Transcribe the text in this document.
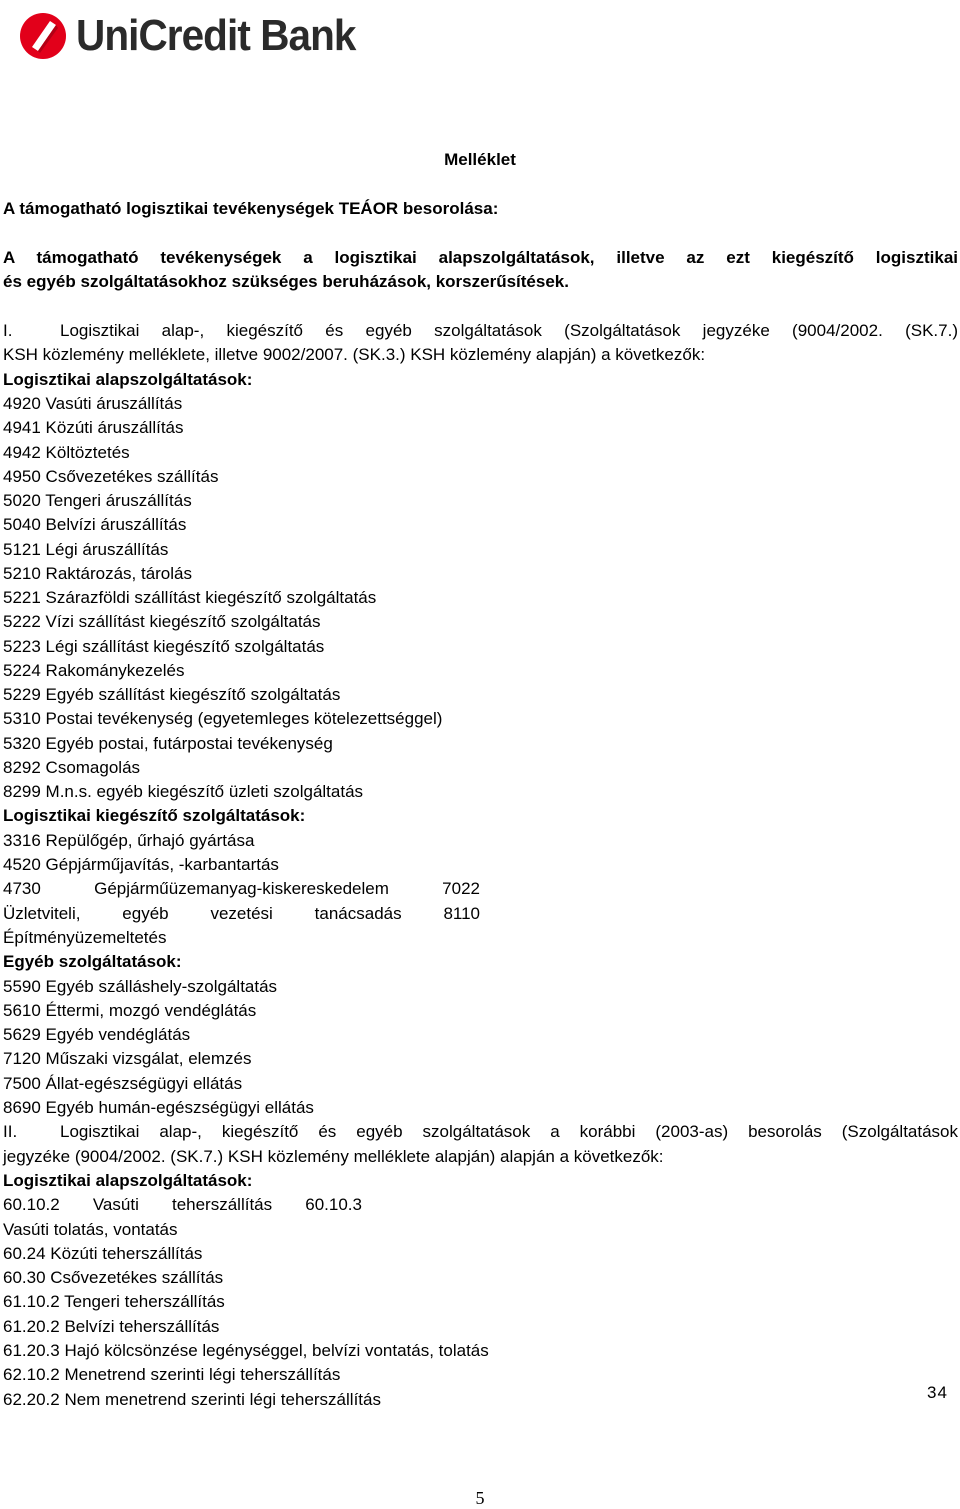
UniCredit Bank
Melléklet
A támogatható logisztikai tevékenységek TEÁOR besorolása:
A támogatható tevékenységek a logisztikai alapszolgáltatások, illetve az ezt kiegészítő logisztikai
és egyéb szolgáltatásokhoz szükséges beruházások, korszerűsítések.
I.	Logisztikai alap-, kiegészítő és egyéb szolgáltatások (Szolgáltatások jegyzéke (9004/2002. (SK.7.)
KSH közlemény melléklete, illetve 9002/2007. (SK.3.) KSH közlemény alapján) a következők:
Logisztikai alapszolgáltatások:
4920 Vasúti áruszállítás
4941 Közúti áruszállítás
4942 Költöztetés
4950 Csővezetékes szállítás
5020 Tengeri áruszállítás
5040 Belvízi áruszállítás
5121 Légi áruszállítás
5210 Raktározás, tárolás
5221 Szárazföldi szállítást kiegészítő szolgáltatás
5222 Vízi szállítást kiegészítő szolgáltatás
5223 Légi szállítást kiegészítő szolgáltatás
5224 Rakománykezelés
5229 Egyéb szállítást kiegészítő szolgáltatás
5310 Postai tevékenység (egyetemleges kötelezettséggel)
5320 Egyéb postai, futárpostai tevékenység
8292 Csomagolás
8299 M.n.s. egyéb kiegészítő üzleti szolgáltatás
Logisztikai kiegészítő szolgáltatások:
3316 Repülőgép, űrhajó gyártása
4520 Gépjárműjavítás, -karbantartás
4730 Gépjárműüzemanyag-kiskereskedelem 7022
Üzletviteli, egyéb vezetési tanácsadás 8110
Építményüzemeltetés
Egyéb szolgáltatások:
5590 Egyéb szálláshely-szolgáltatás
5610 Éttermi, mozgó vendéglátás
5629 Egyéb vendéglátás
7120 Műszaki vizsgálat, elemzés
7500 Állat-egészségügyi ellátás
8690 Egyéb humán-egészségügyi ellátás
II.	Logisztikai alap-, kiegészítő és egyéb szolgáltatások a korábbi (2003-as) besorolás (Szolgáltatások
jegyzéke (9004/2002. (SK.7.) KSH közlemény melléklete alapján) alapján a következők:
Logisztikai alapszolgáltatások:
60.10.2 Vasúti teherszállítás 60.10.3
Vasúti tolatás, vontatás
60.24 Közúti teherszállítás
60.30 Csővezetékes szállítás
61.10.2 Tengeri teherszállítás
61.20.2 Belvízi teherszállítás
61.20.3 Hajó kölcsönzése legénységgel, belvízi vontatás, tolatás
62.10.2 Menetrend szerinti légi teherszállítás
62.20.2 Nem menetrend szerinti légi teherszállítás	34
5
